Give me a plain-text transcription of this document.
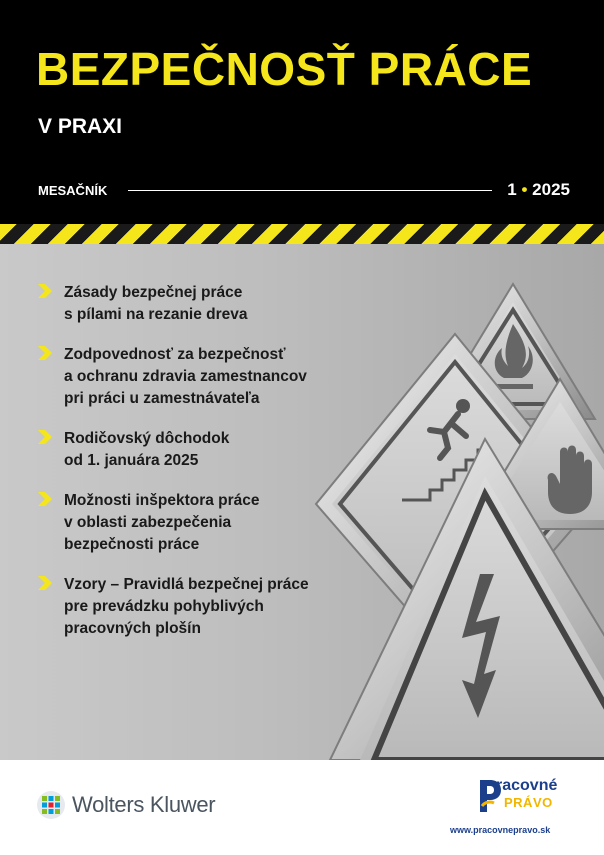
BEZPEČNOSŤ PRÁCE
V PRAXI
MESAČNÍK	1 • 2025
Zásady bezpečnej práce
s pílami na rezanie dreva
Zodpovednosť za bezpečnosť
a ochranu zdravia zamestnancov
pri práci u zamestnávateľa
Rodičovský dôchodok
od 1. januára 2025
Možnosti inšpektora práce
v oblasti zabezpečenia
bezpečnosti práce
Vzory – Pravidlá bezpečnej práce
pre prevádzku pohyblivých
pracovných plošín
Wolters Kluwer
racovné
PRÁVO
www.pracovnepravo.sk
